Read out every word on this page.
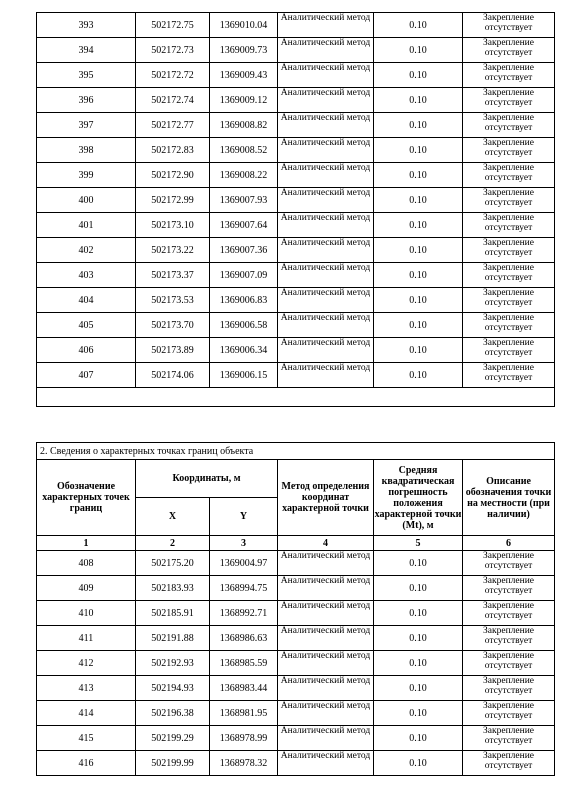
393	502172.75	1369010.04	Аналитический метод	0.10	Закрепление отсутствует
394	502172.73	1369009.73	Аналитический метод	0.10	Закрепление отсутствует
395	502172.72	1369009.43	Аналитический метод	0.10	Закрепление отсутствует
396	502172.74	1369009.12	Аналитический метод	0.10	Закрепление отсутствует
397	502172.77	1369008.82	Аналитический метод	0.10	Закрепление отсутствует
398	502172.83	1369008.52	Аналитический метод	0.10	Закрепление отсутствует
399	502172.90	1369008.22	Аналитический метод	0.10	Закрепление отсутствует
400	502172.99	1369007.93	Аналитический метод	0.10	Закрепление отсутствует
401	502173.10	1369007.64	Аналитический метод	0.10	Закрепление отсутствует
402	502173.22	1369007.36	Аналитический метод	0.10	Закрепление отсутствует
403	502173.37	1369007.09	Аналитический метод	0.10	Закрепление отсутствует
404	502173.53	1369006.83	Аналитический метод	0.10	Закрепление отсутствует
405	502173.70	1369006.58	Аналитический метод	0.10	Закрепление отсутствует
406	502173.89	1369006.34	Аналитический метод	0.10	Закрепление отсутствует
407	502174.06	1369006.15	Аналитический метод	0.10	Закрепление отсутствует

2. Сведения о характерных точках границ объекта					
Обозначение характерных точек границ	Координаты, м		Метод определения координат характерной точки	Средняя квадратическая погрешность положения характерной точки (Mt), м	Описание обозначения точки на местности (при наличии)
	X	Y			
1	2	3	4	5	6
408	502175.20	1369004.97	Аналитический метод	0.10	Закрепление отсутствует
409	502183.93	1368994.75	Аналитический метод	0.10	Закрепление отсутствует
410	502185.91	1368992.71	Аналитический метод	0.10	Закрепление отсутствует
411	502191.88	1368986.63	Аналитический метод	0.10	Закрепление отсутствует
412	502192.93	1368985.59	Аналитический метод	0.10	Закрепление отсутствует
413	502194.93	1368983.44	Аналитический метод	0.10	Закрепление отсутствует
414	502196.38	1368981.95	Аналитический метод	0.10	Закрепление отсутствует
415	502199.29	1368978.99	Аналитический метод	0.10	Закрепление отсутствует
416	502199.99	1368978.32	Аналитический метод	0.10	Закрепление отсутствует
